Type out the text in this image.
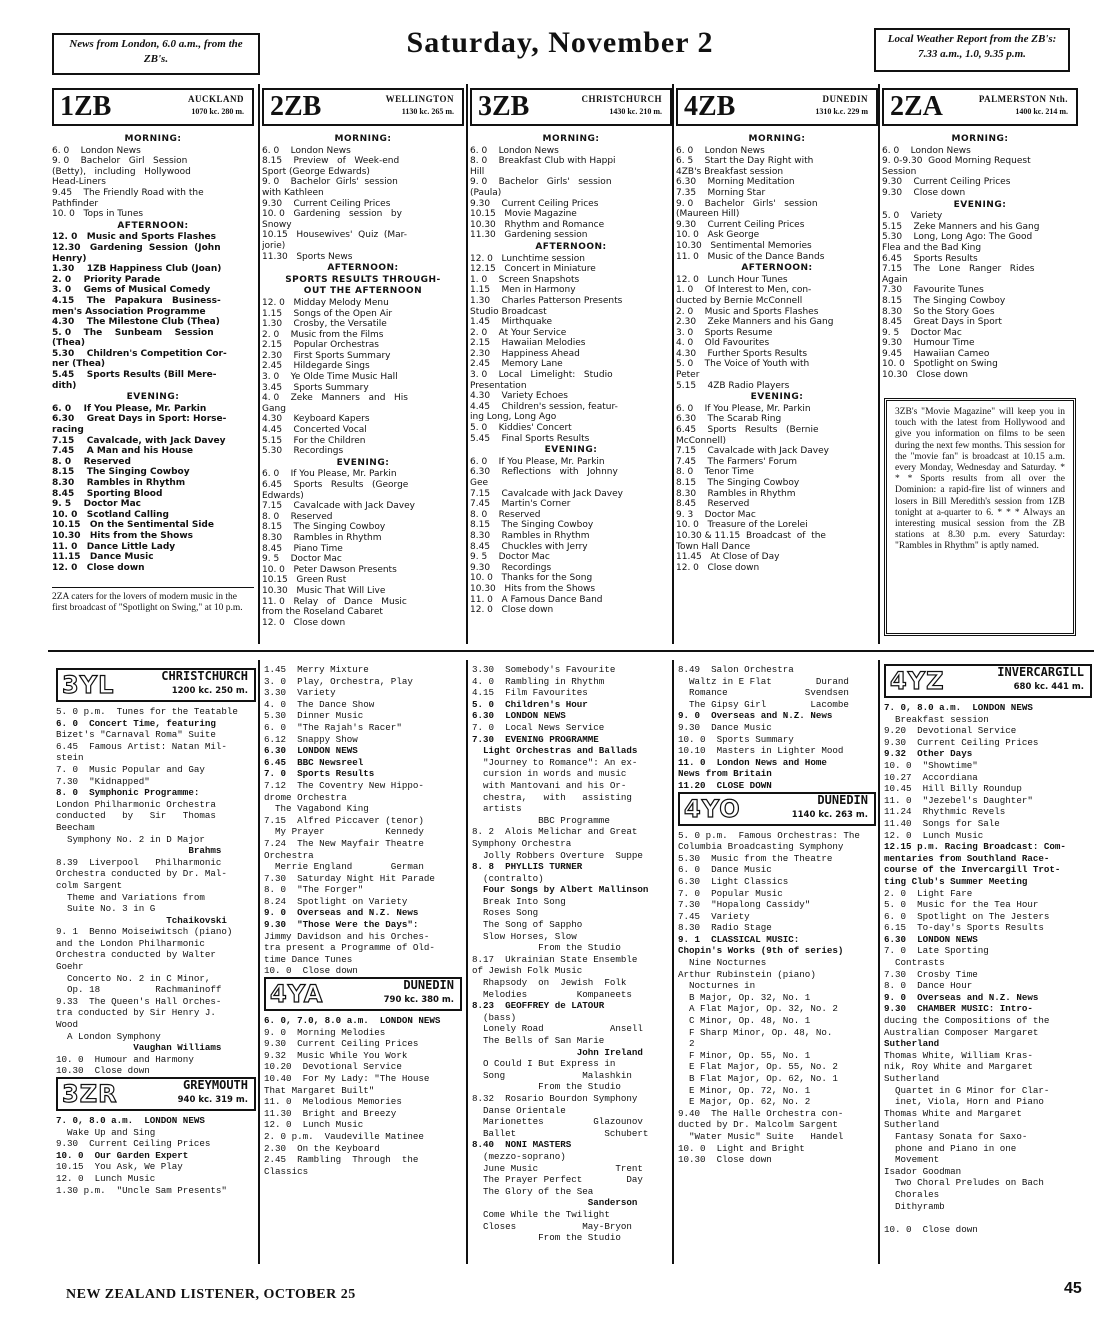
News from London, 6.0 a.m., from the ZB's.	Saturday, November 2	Local Weather Report from the ZB's: 7.33 a.m., 1.0, 9.35 p.m.
1ZB	AUCKLAND
1070 kc. 280 m.
MORNING:
6. 0    London News
9. 0    Bachelor   Girl   Session
(Betty),   including   Hollywood
Head-Liners
9.45    The Friendly Road with the
Pathfinder
10. 0   Tops in Tunes
AFTERNOON:
12. 0   Music and Sports Flashes
12.30   Gardening  Session  (John
Henry)
1.30    1ZB Happiness Club (Joan)
2. 0    Priority Parade
3. 0    Gems of Musical Comedy
4.15    The   Papakura   Business-
men's Association Programme
4.30    The Milestone Club (Thea)
5. 0    The    Sunbeam    Session
(Thea)
5.30    Children's Competition Cor-
ner (Thea)
5.45    Sports Results (Bill Mere-
dith)
EVENING:
6. 0    If You Please, Mr. Parkin
6.30    Great Days in Sport: Horse-
racing
7.15    Cavalcade, with Jack Davey
7.45    A Man and his House
8. 0    Reserved
8.15    The Singing Cowboy
8.30    Rambles in Rhythm
8.45    Sporting Blood
9. 5    Doctor Mac
10. 0   Scotland Calling
10.15   On the Sentimental Side
10.30   Hits from the Shows
11. 0   Dance Little Lady
11.15   Dance Music
12. 0   Close down
2ZA caters for the lovers of modern music in the first broadcast of "Spotlight on Swing," at 10 p.m.
2ZB	WELLINGTON
1130 kc. 265 m.
MORNING:
6. 0    London News
8.15    Preview   of   Week-end
Sport (George Edwards)
9. 0    Bachelor  Girls'  session
with Kathleen
9.30    Current Ceiling Prices
10. 0   Gardening   session   by
Snowy
10.15   Housewives'  Quiz  (Mar-
jorie)
11.30   Sports News
AFTERNOON:
SPORTS RESULTS THROUGH-
OUT THE AFTERNOON
12. 0   Midday Melody Menu
1.15    Songs of the Open Air
1.30    Crosby, the Versatile
2. 0    Music from the Films
2.15    Popular Orchestras
2.30    First Sports Summary
2.45    Hildegarde Sings
3. 0    Ye Olde Time Music Hall
3.45    Sports Summary
4. 0    Zeke   Manners   and   His
Gang
4.30    Keyboard Kapers
4.45    Concerted Vocal
5.15    For the Children
5.30    Recordings
EVENING:
6. 0    If You Please, Mr. Parkin
6.45    Sports   Results   (George
Edwards)
7.15    Cavalcade with Jack Davey
8. 0    Reserved
8.15    The Singing Cowboy
8.30    Rambles in Rhythm
8.45    Piano Time
9. 5    Doctor Mac
10. 0   Peter Dawson Presents
10.15   Green Rust
10.30   Music That Will Live
11. 0   Relay   of   Dance   Music
from the Roseland Cabaret
12. 0   Close down
3ZB	CHRISTCHURCH
1430 kc. 210 m.
MORNING:
6. 0    London News
8. 0    Breakfast Club with Happi
Hill
9. 0    Bachelor   Girls'   session
(Paula)
9.30    Current Ceiling Prices
10.15   Movie Magazine
10.30   Rhythm and Romance
11.30   Gardening session
AFTERNOON:
12. 0   Lunchtime session
12.15   Concert in Miniature
1. 0    Screen Snapshots
1.15    Men in Harmony
1.30    Charles Patterson Presents
Studio Broadcast
1.45    Mirthquake
2. 0    At Your Service
2.15    Hawaiian Melodies
2.30    Happiness Ahead
2.45    Memory Lane
3. 0    Local   Limelight:   Studio
Presentation
4.30    Variety Echoes
4.45    Children's session, featur-
ing Long, Long Ago
5. 0    Kiddies' Concert
5.45    Final Sports Results
EVENING:
6. 0    If You Please, Mr. Parkin
6.30    Reflections   with   Johnny
Gee
7.15    Cavalcade with Jack Davey
7.45    Martin's Corner
8. 0    Reserved
8.15    The Singing Cowboy
8.30    Rambles in Rhythm
8.45    Chuckles with Jerry
9. 5    Doctor Mac
9.30    Recordings
10. 0   Thanks for the Song
10.30   Hits from the Shows
11. 0   A Famous Dance Band
12. 0   Close down
4ZB	DUNEDIN
1310 k.c. 229 m
MORNING:
6. 0    London News
6. 5    Start the Day Right with
4ZB's Breakfast session
6.30    Morning Meditation
7.35    Morning Star
9. 0    Bachelor   Girls'   session
(Maureen Hill)
9.30    Current Ceiling Prices
10. 0   Ask George
10.30   Sentimental Memories
11. 0   Music of the Dance Bands
AFTERNOON:
12. 0   Lunch Hour Tunes
1. 0    Of Interest to Men, con-
ducted by Bernie McConnell
2. 0    Music and Sports Flashes
2.30    Zeke Manners and his Gang
3. 0    Sports Resume
4. 0    Old Favourites
4.30    Further Sports Results
5. 0    The Voice of Youth with
Peter
5.15    4ZB Radio Players
EVENING:
6. 0    If You Please, Mr. Parkin
6.30    The Scarab Ring
6.45    Sports   Results   (Bernie
McConnell)
7.15    Cavalcade with Jack Davey
7.45    The Farmers' Forum
8. 0    Tenor Time
8.15    The Singing Cowboy
8.30    Rambles in Rhythm
8.45    Reserved
9. 3    Doctor Mac
10. 0   Treasure of the Lorelei
10.30 & 11.15  Broadcast  of  the
Town Hall Dance
11.45   At Close of Day
12. 0   Close down
2ZA	PALMERSTON Nth.
1400 kc. 214 m.
MORNING:
6. 0    London News
9. 0-9.30  Good Morning Request
Session
9.30    Current Ceiling Prices
9.30    Close down
EVENING:
5. 0    Variety
5.15    Zeke Manners and his Gang
5.30    Long, Long Ago: The Good
Flea and the Bad King
6.45    Sports Results
7.15    The   Lone   Ranger   Rides
Again
7.30    Favourite Tunes
8.15    The Singing Cowboy
8.30    So the Story Goes
8.45    Great Days in Sport
9. 5    Doctor Mac
9.30    Humour Time
9.45    Hawaiian Cameo
10. 0   Spotlight on Swing
10.30   Close down
3ZB's "Movie Magazine" will keep you in touch with the latest from Hollywood and give you information on films to be seen during the next few months. This session for the "movie fan" is broadcast at 10.15 a.m. every Monday, Wednesday and Saturday. * * * Sports results from all over the Dominion: a rapid-fire list of winners and losers in Bill Meredith's session from 1ZB tonight at a-quarter to 6. * * * Always an interesting musical session from the ZB stations at 8.30 p.m. every Saturday: "Rambles in Rhythm" is aptly named.
3YL	CHRISTCHURCH
1200 kc. 250 m.
5. 0 p.m.  Tunes for the Teatable
6. 0  Concert Time, featuring
Bizet's "Carnaval Roma" Suite
6.45  Famous Artist: Natan Mil-
stein
7. 0  Music Popular and Gay
7.30  "Kidnapped"
8. 0  Symphonic Programme:
London Philharmonic Orchestra
conducted   by   Sir   Thomas
Beecham
Symphony No. 2 in D Major
Brahms
8.39  Liverpool   Philharmonic
Orchestra conducted by Dr. Mal-
colm Sargent
Theme and Variations from
Suite No. 3 in G
Tchaikovski
9. 1  Benno Moiseiwitsch (piano)
and the London Philharmonic
Orchestra conducted by Walter
Goehr
Concerto No. 2 in C Minor,
Op. 18          Rachmaninoff
9.33  The Queen's Hall Orches-
tra conducted by Sir Henry J.
Wood
A London Symphony
Vaughan Williams
10. 0  Humour and Harmony
10.30  Close down
3ZR	GREYMOUTH
940 kc. 319 m.
7. 0, 8.0 a.m.  LONDON NEWS
Wake Up and Sing
9.30  Current Ceiling Prices
10. 0  Our Garden Expert
10.15  You Ask, We Play
12. 0  Lunch Music
1.30 p.m.  "Uncle Sam Presents"
1.45  Merry Mixture
3. 0  Play, Orchestra, Play
3.30  Variety
4. 0  The Dance Show
5.30  Dinner Music
6. 0  "The Rajah's Racer"
6.12  Snappy Show
6.30  LONDON NEWS
6.45  BBC Newsreel
7. 0  Sports Results
7.12  The Coventry New Hippo-
drome Orchestra
The Vagabond King
7.15  Alfred Piccaver (tenor)
My Prayer           Kennedy
7.24  The New Mayfair Theatre
Orchestra
Merrie England       German
7.30  Saturday Night Hit Parade
8. 0  "The Forger"
8.24  Spotlight on Variety
9. 0  Overseas and N.Z. News
9.30  "Those Were the Days":
Jimmy Davidson and his Orches-
tra present a Programme of Old-
time Dance Tunes
10. 0  Close down
4YA	DUNEDIN
790 kc. 380 m.
6. 0, 7.0, 8.0 a.m.  LONDON NEWS
9. 0  Morning Melodies
9.30  Current Ceiling Prices
9.32  Music While You Work
10.20  Devotional Service
10.40  For My Lady: "The House
That Margaret Built"
11. 0  Melodious Memories
11.30  Bright and Breezy
12. 0  Lunch Music
2. 0 p.m.  Vaudeville Matinee
2.30  On the Keyboard
2.45  Rambling  Through  the
Classics
3.30  Somebody's Favourite
4. 0  Rambling in Rhythm
4.15  Film Favourites
5. 0  Children's Hour
6.30  LONDON NEWS
7. 0  Local News Service
7.30  EVENING PROGRAMME
Light Orchestras and Ballads
"Journey to Romance": An ex-
cursion in words and music
with Mantovani and his Or-
chestra,   with   assisting
artists
BBC Programme
8. 2  Alois Melichar and Great
Symphony Orchestra
Jolly Robbers Overture  Suppe
8. 8  PHYLLIS TURNER
(contralto)
Four Songs by Albert Mallinson
Break Into Song
Roses Song
The Song of Sappho
Slow Horses, Slow
From the Studio
8.17  Ukrainian State Ensemble
of Jewish Folk Music
Rhapsody  on  Jewish  Folk
Melodies         Kompaneets
8.23  GEOFFREY de LATOUR
(bass)
Lonely Road            Ansell
The Bells of San Marie
John Ireland
O Could I But Express in
Song              Malashkin
From the Studio
8.32  Rosario Bourdon Symphony
Danse Orientale
Marionettes         Glazounov
Ballet                Schubert
8.40  NONI MASTERS
(mezzo-soprano)
June Music              Trent
The Prayer Perfect        Day
The Glory of the Sea
Sanderson
Come While the Twilight
Closes            May-Bryon
From the Studio
8.49  Salon Orchestra
Waltz in E Flat        Durand
Romance              Svendsen
The Gipsy Girl        Lacombe
9. 0  Overseas and N.Z. News
9.30  Dance Music
10. 0  Sports Summary
10.10  Masters in Lighter Mood
11. 0  London News and Home
News from Britain
11.20  CLOSE DOWN
4YO	DUNEDIN
1140 kc. 263 m.
5. 0 p.m.  Famous Orchestras: The
Columbia Broadcasting Symphony
5.30  Music from the Theatre
6. 0  Dance Music
6.30  Light Classics
7. 0  Popular Music
7.30  "Hopalong Cassidy"
7.45  Variety
8.30  Radio Stage
9. 1  CLASSICAL MUSIC:
Chopin's Works (9th of series)
Nine Nocturnes
Arthur Rubinstein (piano)
Nocturnes in
B Major, Op. 32, No. 1
A Flat Major, Op. 32, No. 2
C Minor, Op. 48, No. 1
F Sharp Minor, Op. 48, No.
2
F Minor, Op. 55, No. 1
E Flat Major, Op. 55, No. 2
B Flat Major, Op. 62, No. 1
E Minor, Op. 72, No. 1
E Major, Op. 62, No. 2
9.40  The Halle Orchestra con-
ducted by Dr. Malcolm Sargent
"Water Music" Suite   Handel
10. 0  Light and Bright
10.30  Close down
4YZ	INVERCARGILL
680 kc. 441 m.
7. 0, 8.0 a.m.  LONDON NEWS
Breakfast session
9.20  Devotional Service
9.30  Current Ceiling Prices
9.32  Other Days
10. 0  "Showtime"
10.27  Accordiana
10.45  Hill Billy Roundup
11. 0  "Jezebel's Daughter"
11.24  Rhythmic Revels
11.40  Songs for Sale
12. 0  Lunch Music
12.15 p.m. Racing Broadcast: Com-
mentaries from Southland Race-
course of the Invercargill Trot-
ting Club's Summer Meeting
2. 0  Light Fare
5. 0  Music for the Tea Hour
6. 0  Spotlight on The Jesters
6.15  To-day's Sports Results
6.30  LONDON NEWS
7. 0  Late Sporting
Contrasts
7.30  Crosby Time
8. 0  Dance Hour
9. 0  Overseas and N.Z. News
9.30  CHAMBER MUSIC: Intro-
ducing the Compositions of the
Australian Composer Margaret
Sutherland
Thomas White, William Kras-
nik, Roy White and Margaret
Sutherland
Quartet in G Minor for Clar-
inet, Viola, Horn and Piano
Thomas White and Margaret
Sutherland
Fantasy Sonata for Saxo-
phone and Piano in one
Movement
Isador Goodman
Two Choral Preludes on Bach
Chorales
Dithyramb

10. 0  Close down
NEW ZEALAND LISTENER, OCTOBER 25	45
